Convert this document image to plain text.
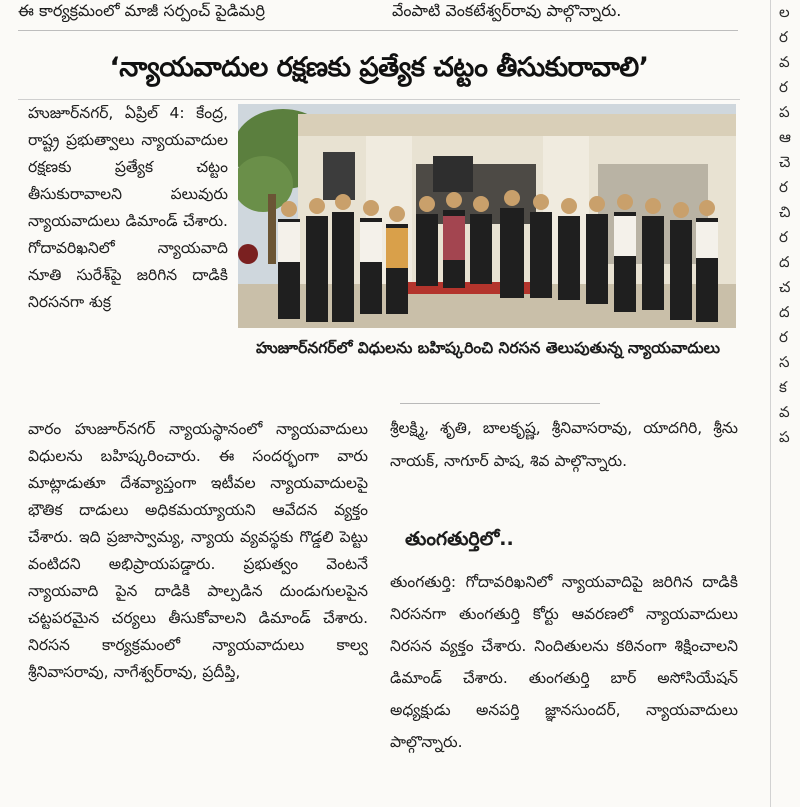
ఈ కార్యక్రమంలో మాజీ సర్పంచ్ పైడిమర్రి	వేంపాటి వెంకటేశ్వర్‌రావు పాల్గొన్నారు.
‘న్యాయవాదుల రక్షణకు ప్రత్యేక చట్టం తీసుకురావాలి’

హుజూర్‌నగర్, ఏప్రిల్ 4: కేంద్ర, రాష్ట్ర ప్రభుత్వాలు న్యాయవాదుల రక్షణకు ప్రత్యేక చట్టం తీసుకురావాలని పలువురు న్యాయవాదులు డిమాండ్ చేశారు. గోదావరిఖనిలో న్యాయవాది నూతి సురేశ్‌పై జరిగిన దాడికి నిరసనగా శుక్ర

హుజూర్‌నగర్‌లో విధులను బహిష్కరించి నిరసన తెలుపుతున్న న్యాయవాదులు

వారం హుజూర్‌నగర్ న్యాయస్థానంలో న్యాయవాదులు విధులను బహిష్కరించారు. ఈ సందర్భంగా వారు మాట్లాడుతూ దేశవ్యాప్తంగా ఇటీవల న్యాయవాదులపై భౌతిక దాడులు అధికమయ్యాయని ఆవేదన వ్యక్తం చేశారు. ఇది ప్రజాస్వామ్య, న్యాయ వ్యవస్థకు గొడ్డలి పెట్టు వంటిదని అభిప్రాయపడ్డారు. ప్రభుత్వం వెంటనే న్యాయవాది పైన దాడికి పాల్పడిన దుండుగులపైన చట్టపరమైన చర్యలు తీసుకోవాలని డిమాండ్ చేశారు. నిరసన కార్యక్రమంలో న్యాయవాదులు కాల్వ శ్రీనివాసరావు, నాగేశ్వర్‌రావు, ప్రదీప్తి,

శ్రీలక్ష్మి, శృతి, బాలకృష్ణ, శ్రీనివాసరావు, యాదగిరి, శ్రీను నాయక్, నాగూర్ పాష, శివ పాల్గొన్నారు.
తుంగతుర్తిలో..
తుంగతుర్తి: గోదావరిఖనిలో న్యాయవాదిపై జరిగిన దాడికి నిరసనగా తుంగతుర్తి కోర్టు ఆవరణలో న్యాయవాదులు నిరసన వ్యక్తం చేశారు. నిందితులను కఠినంగా శిక్షించాలని డిమాండ్ చేశారు. తుంగతుర్తి బార్ అసోసియేషన్ అధ్యక్షుడు అనపర్తి జ్ఞానసుందర్, న్యాయవాదులు పాల్గొన్నారు.
ల
ర
వ
ర
ప
ఆ
చె
ర
చి
ర
ద
చ
ద
ర
స
క
వ
ప
